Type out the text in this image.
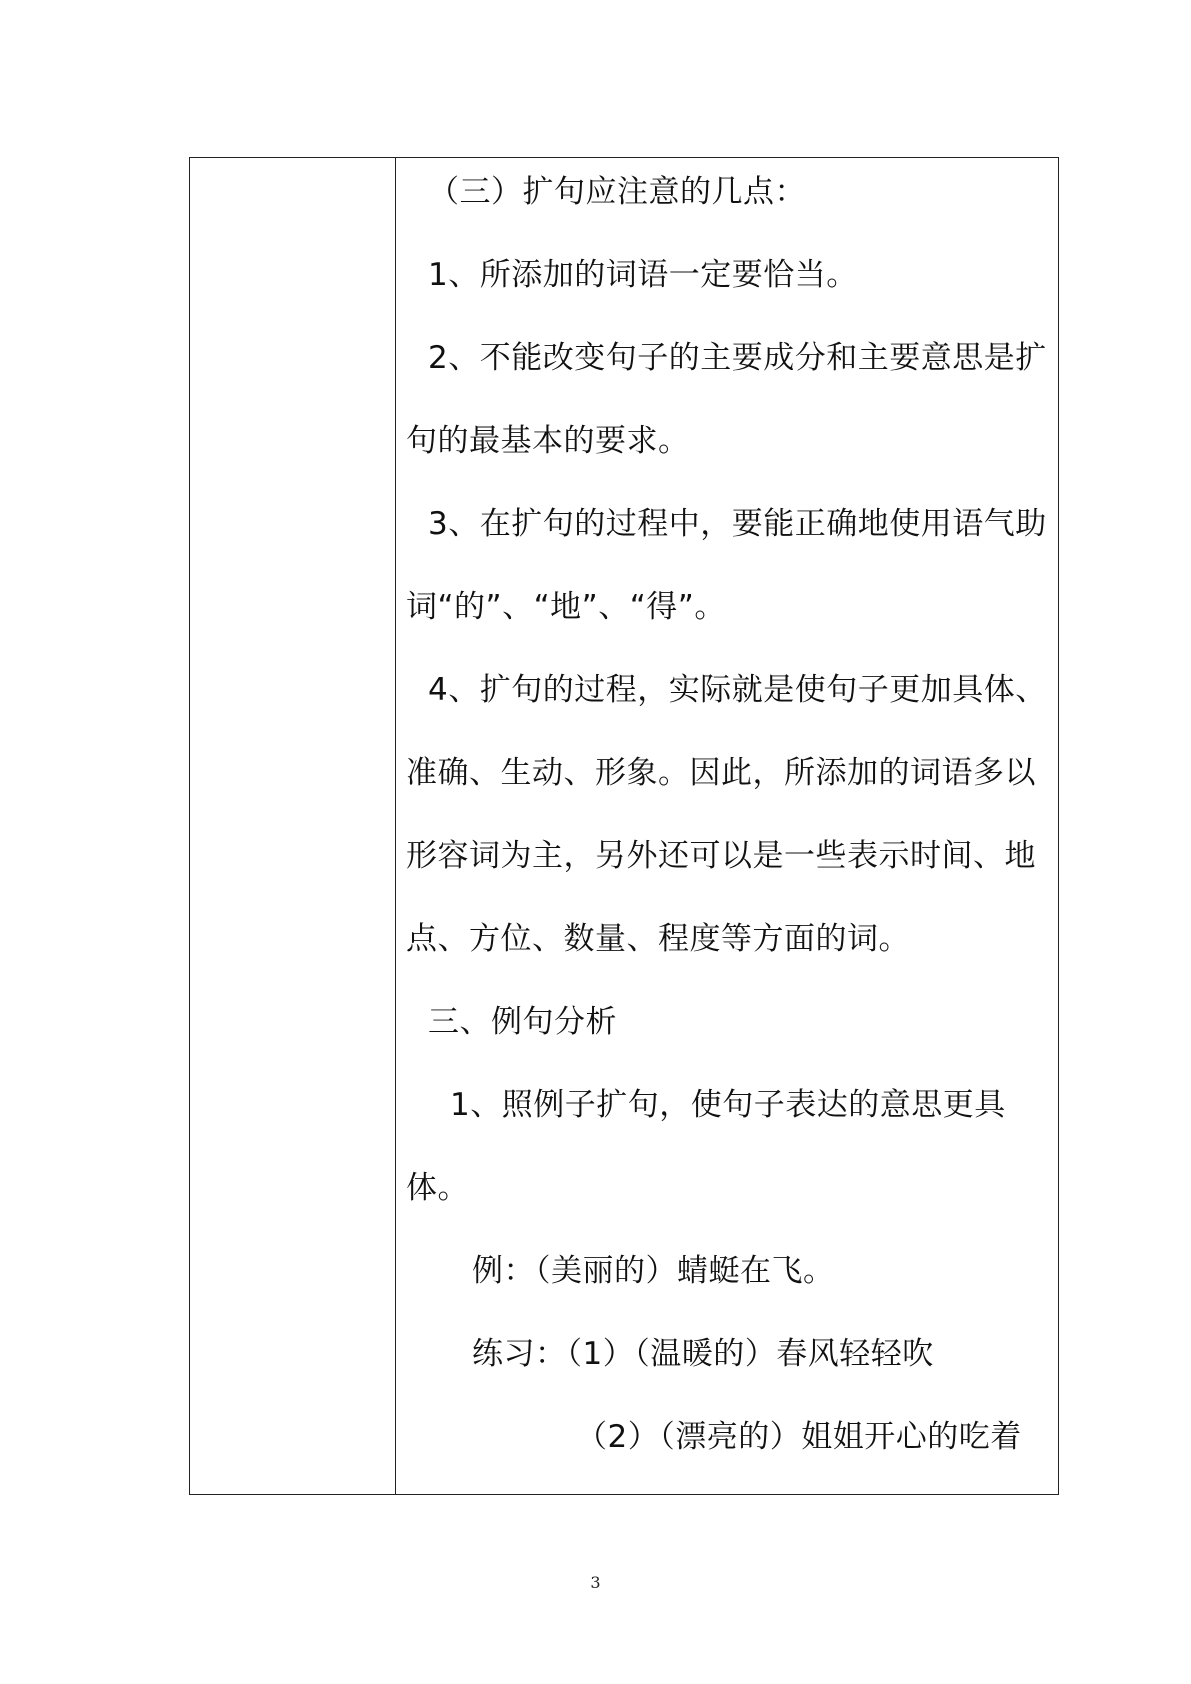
（三）扩句应注意的几点：
1、所添加的词语一定要恰当。
2、不能改变句子的主要成分和主要意思是扩
句的最基本的要求。
3、在扩句的过程中，要能正确地使用语气助
词“的”、“地”、“得”。
4、扩句的过程，实际就是使句子更加具体、
准确、生动、形象。因此，所添加的词语多以
形容词为主，另外还可以是一些表示时间、地
点、方位、数量、程度等方面的词。
三、例句分析
1、照例子扩句，使句子表达的意思更具
体。
例：（美丽的）蜻蜓在飞。
练习：（1）（温暖的）春风轻轻吹
（2）（漂亮的）姐姐开心的吃着
3
